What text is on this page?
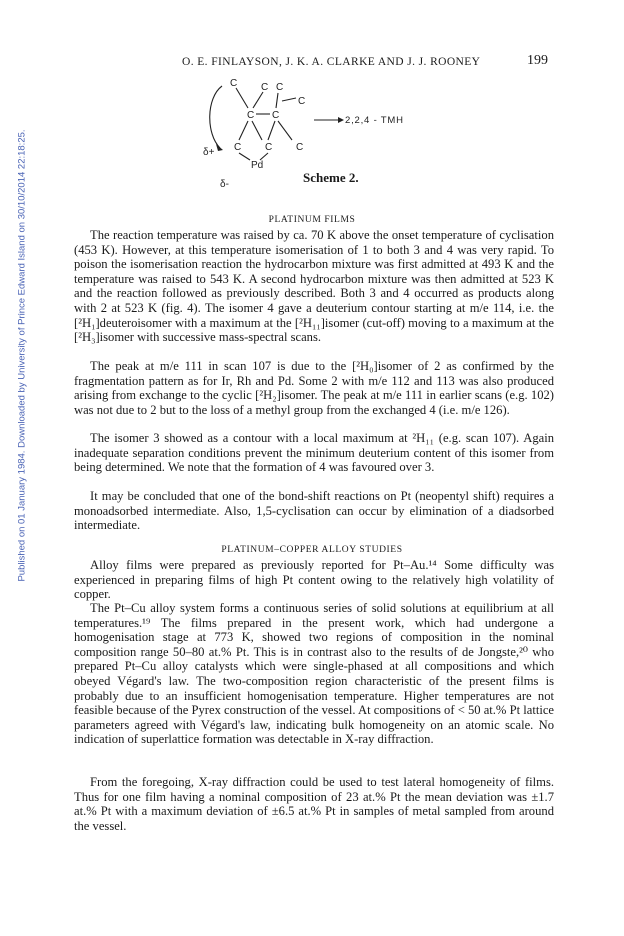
Published on 01 January 1984. Downloaded by University of Prince Edward Island on 30/10/2014 22:18:25.
O. E. FINLAYSON, J. K. A. CLARKE AND J. J. ROONEY	199
C C C
C
C C
C C C
Pd
δ+
δ-
2,2,4 - TMH
Scheme 2.
PLATINUM FILMS

The reaction temperature was raised by ca. 70 K above the onset temperature of cyclisation (453 K). However, at this temperature isomerisation of 1 to both 3 and 4 was very rapid. To poison the isomerisation reaction the hydrocarbon mixture was first admitted at 493 K and the temperature was raised to 543 K. A second hydrocarbon mixture was then admitted at 523 K and the reaction followed as previously described. Both 3 and 4 occurred as products along with 2 at 523 K (fig. 4). The isomer 4 gave a deuterium contour starting at m/e 114, i.e. the [²H₁]deuteroisomer with a maximum at the [²H₁₁]isomer (cut-off) moving to a maximum at the [²H₃]isomer with successive mass-spectral scans.

The peak at m/e 111 in scan 107 is due to the [²H₀]isomer of 2 as confirmed by the fragmentation pattern as for Ir, Rh and Pd. Some 2 with m/e 112 and 113 was also produced arising from exchange to the cyclic [²H₂]isomer. The peak at m/e 111 in earlier scans (e.g. 102) was not due to 2 but to the loss of a methyl group from the exchanged 4 (i.e. m/e 126).

The isomer 3 showed as a contour with a local maximum at ²H₁₁ (e.g. scan 107). Again inadequate separation conditions prevent the minimum deuterium content of this isomer from being determined. We note that the formation of 4 was favoured over 3.

It may be concluded that one of the bond-shift reactions on Pt (neopentyl shift) requires a monoadsorbed intermediate. Also, 1,5-cyclisation can occur by elimination of a diadsorbed intermediate.

PLATINUM–COPPER ALLOY STUDIES

Alloy films were prepared as previously reported for Pt–Au.¹⁴ Some difficulty was experienced in preparing films of high Pt content owing to the relatively high volatility of copper.

The Pt–Cu alloy system forms a continuous series of solid solutions at equilibrium at all temperatures.¹⁹ The films prepared in the present work, which had undergone a homogenisation stage at 773 K, showed two regions of composition in the nominal composition range 50–80 at.% Pt. This is in contrast also to the results of de Jongste,²⁰ who prepared Pt–Cu alloy catalysts which were single-phased at all compositions and which obeyed Végard's law. The two-composition region characteristic of the present films is probably due to an insufficient homogenisation temperature. Higher temperatures are not feasible because of the Pyrex construction of the vessel. At compositions of < 50 at.% Pt lattice parameters agreed with Végard's law, indicating bulk homogeneity on an atomic scale. No indication of superlattice formation was detectable in X-ray diffraction.

From the foregoing, X-ray diffraction could be used to test lateral homogeneity of films. Thus for one film having a nominal composition of 23 at.% Pt the mean deviation was ±1.7 at.% Pt with a maximum deviation of ±6.5 at.% Pt in samples of metal sampled from around the vessel.
